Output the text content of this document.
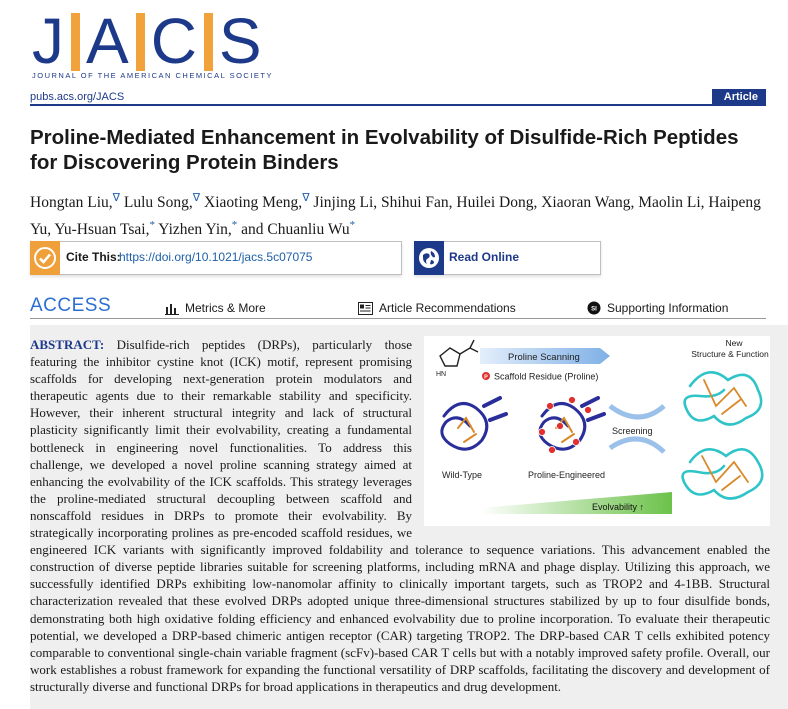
J A C S
JOURNAL OF THE AMERICAN CHEMICAL SOCIETY
pubs.acs.org/JACS	Article
Proline-Mediated Enhancement in Evolvability of Disulfide-Rich Peptides for Discovering Protein Binders
Hongtan Liu,∇ Lulu Song,∇ Xiaoting Meng,∇ Jinjing Li, Shihui Fan, Huilei Dong, Xiaoran Wang, Maolin Li, Haipeng Yu, Yu-Hsuan Tsai,* Yizhen Yin,* and Chuanliu Wu*
Cite This:
https://doi.org/10.1021/jacs.5c07075	Read Online
ACCESS	Metrics & More	Article Recommendations	SI Supporting Information
HN
Proline Scanning
P Scaffold Residue (Proline)
Wild-Type	Proline-Engineered
Screening
New
Structure & Function
Evolvability ↑
ABSTRACT: Disulfide-rich peptides (DRPs), particularly those featuring the inhibitor cystine knot (ICK) motif, represent promising scaffolds for developing next-generation protein modulators and therapeutic agents due to their remarkable stability and specificity. However, their inherent structural integrity and lack of structural plasticity significantly limit their evolvability, creating a fundamental bottleneck in engineering novel functionalities. To address this challenge, we developed a novel proline scanning strategy aimed at enhancing the evolvability of the ICK scaffolds. This strategy leverages the proline-mediated structural decoupling between scaffold and nonscaffold residues in DRPs to promote their evolvability. By strategically incorporating prolines as pre-encoded scaffold residues, we engineered ICK variants with significantly improved foldability and tolerance to sequence variations. This advancement enabled the construction of diverse peptide libraries suitable for screening platforms, including mRNA and phage display. Utilizing this approach, we successfully identified DRPs exhibiting low-nanomolar affinity to clinically important targets, such as TROP2 and 4-1BB. Structural characterization revealed that these evolved DRPs adopted unique three-dimensional structures stabilized by up to four disulfide bonds, demonstrating both high oxidative folding efficiency and enhanced evolvability due to proline incorporation. To evaluate their therapeutic potential, we developed a DRP-based chimeric antigen receptor (CAR) targeting TROP2. The DRP-based CAR T cells exhibited potency comparable to conventional single-chain variable fragment (scFv)-based CAR T cells but with a notably improved safety profile. Overall, our work establishes a robust framework for expanding the functional versatility of DRP scaffolds, facilitating the discovery and development of structurally diverse and functional DRPs for broad applications in therapeutics and drug development.
